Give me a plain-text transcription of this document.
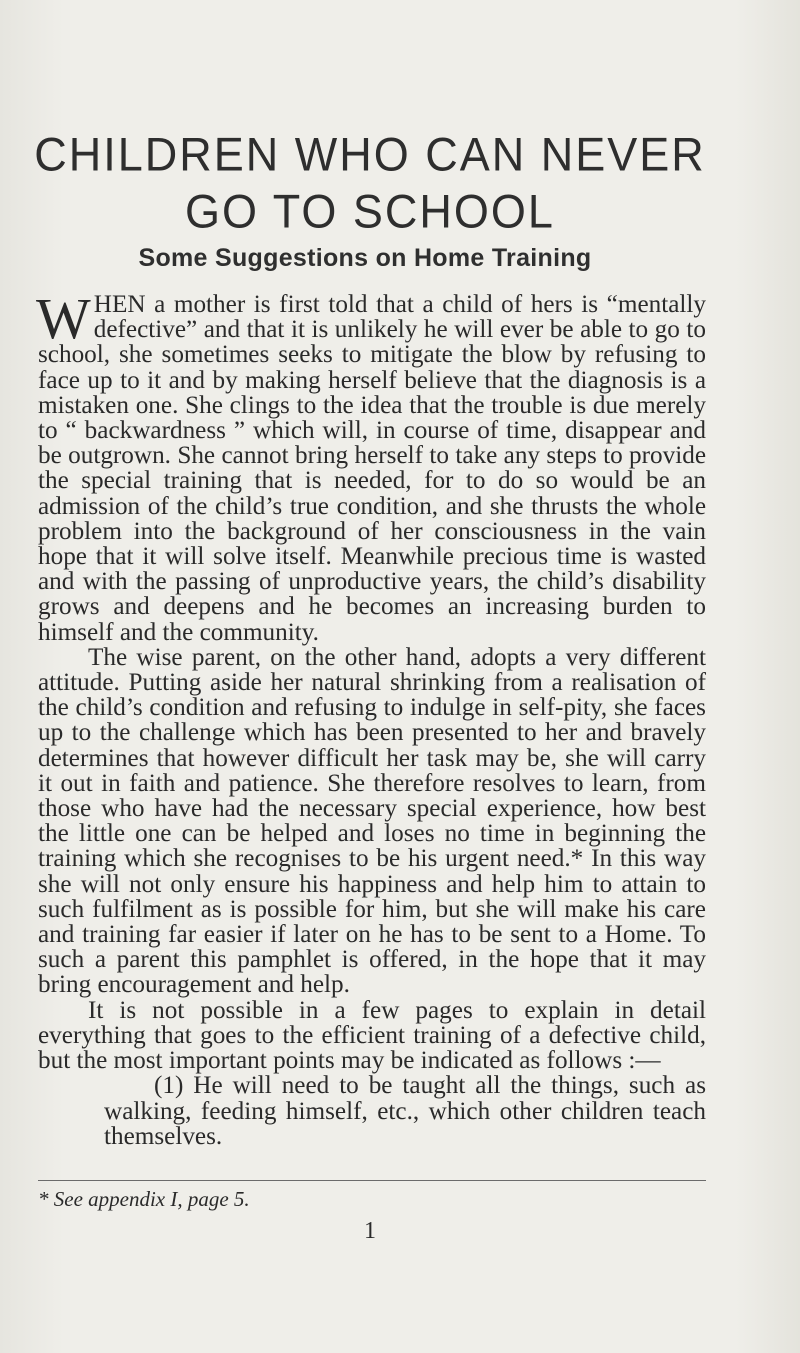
CHILDREN WHO CAN NEVER
GO TO SCHOOL
Some Suggestions on Home Training

WHEN a mother is first told that a child of hers is “mentally defective” and that it is unlikely he will ever be able to go to school, she sometimes seeks to mitigate the blow by refusing to face up to it and by making herself believe that the diagnosis is a mistaken one. She clings to the idea that the trouble is due merely to “ backwardness ” which will, in course of time, disappear and be outgrown. She cannot bring herself to take any steps to provide the special training that is needed, for to do so would be an admission of the child’s true condition, and she thrusts the whole problem into the background of her consciousness in the vain hope that it will solve itself. Meanwhile precious time is wasted and with the passing of unproductive years, the child’s disability grows and deepens and he becomes an increasing burden to himself and the community.

The wise parent, on the other hand, adopts a very different attitude. Putting aside her natural shrinking from a realisation of the child’s condition and refusing to indulge in self-pity, she faces up to the challenge which has been presented to her and bravely determines that however difficult her task may be, she will carry it out in faith and patience. She therefore resolves to learn, from those who have had the necessary special experience, how best the little one can be helped and loses no time in beginning the training which she recognises to be his urgent need.* In this way she will not only ensure his happiness and help him to attain to such fulfilment as is possible for him, but she will make his care and training far easier if later on he has to be sent to a Home. To such a parent this pamphlet is offered, in the hope that it may bring encouragement and help.

It is not possible in a few pages to explain in detail everything that goes to the efficient training of a defective child, but the most important points may be indicated as follows :—

(1) He will need to be taught all the things, such as walking, feeding himself, etc., which other children teach themselves.

* See appendix I, page 5.

1
